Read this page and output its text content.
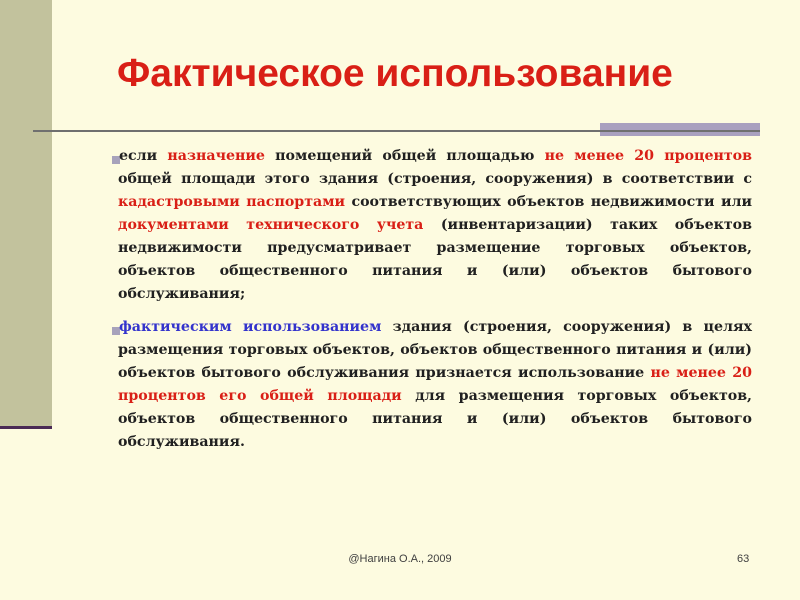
Фактическое использование
если назначение помещений общей площадью не менее 20 процентов общей площади этого здания (строения, сооружения) в соответствии с кадастровыми паспортами соответствующих объектов недвижимости или документами технического учета (инвентаризации) таких объектов недвижимости предусматривает размещение торговых объектов, объектов общественного питания и (или) объектов бытового обслуживания;
фактическим использованием здания (строения, сооружения) в целях размещения торговых объектов, объектов общественного питания и (или) объектов бытового обслуживания признается использование не менее 20 процентов его общей площади для размещения торговых объектов, объектов общественного питания и (или) объектов бытового обслуживания.
@Нагина О.А., 2009	63
